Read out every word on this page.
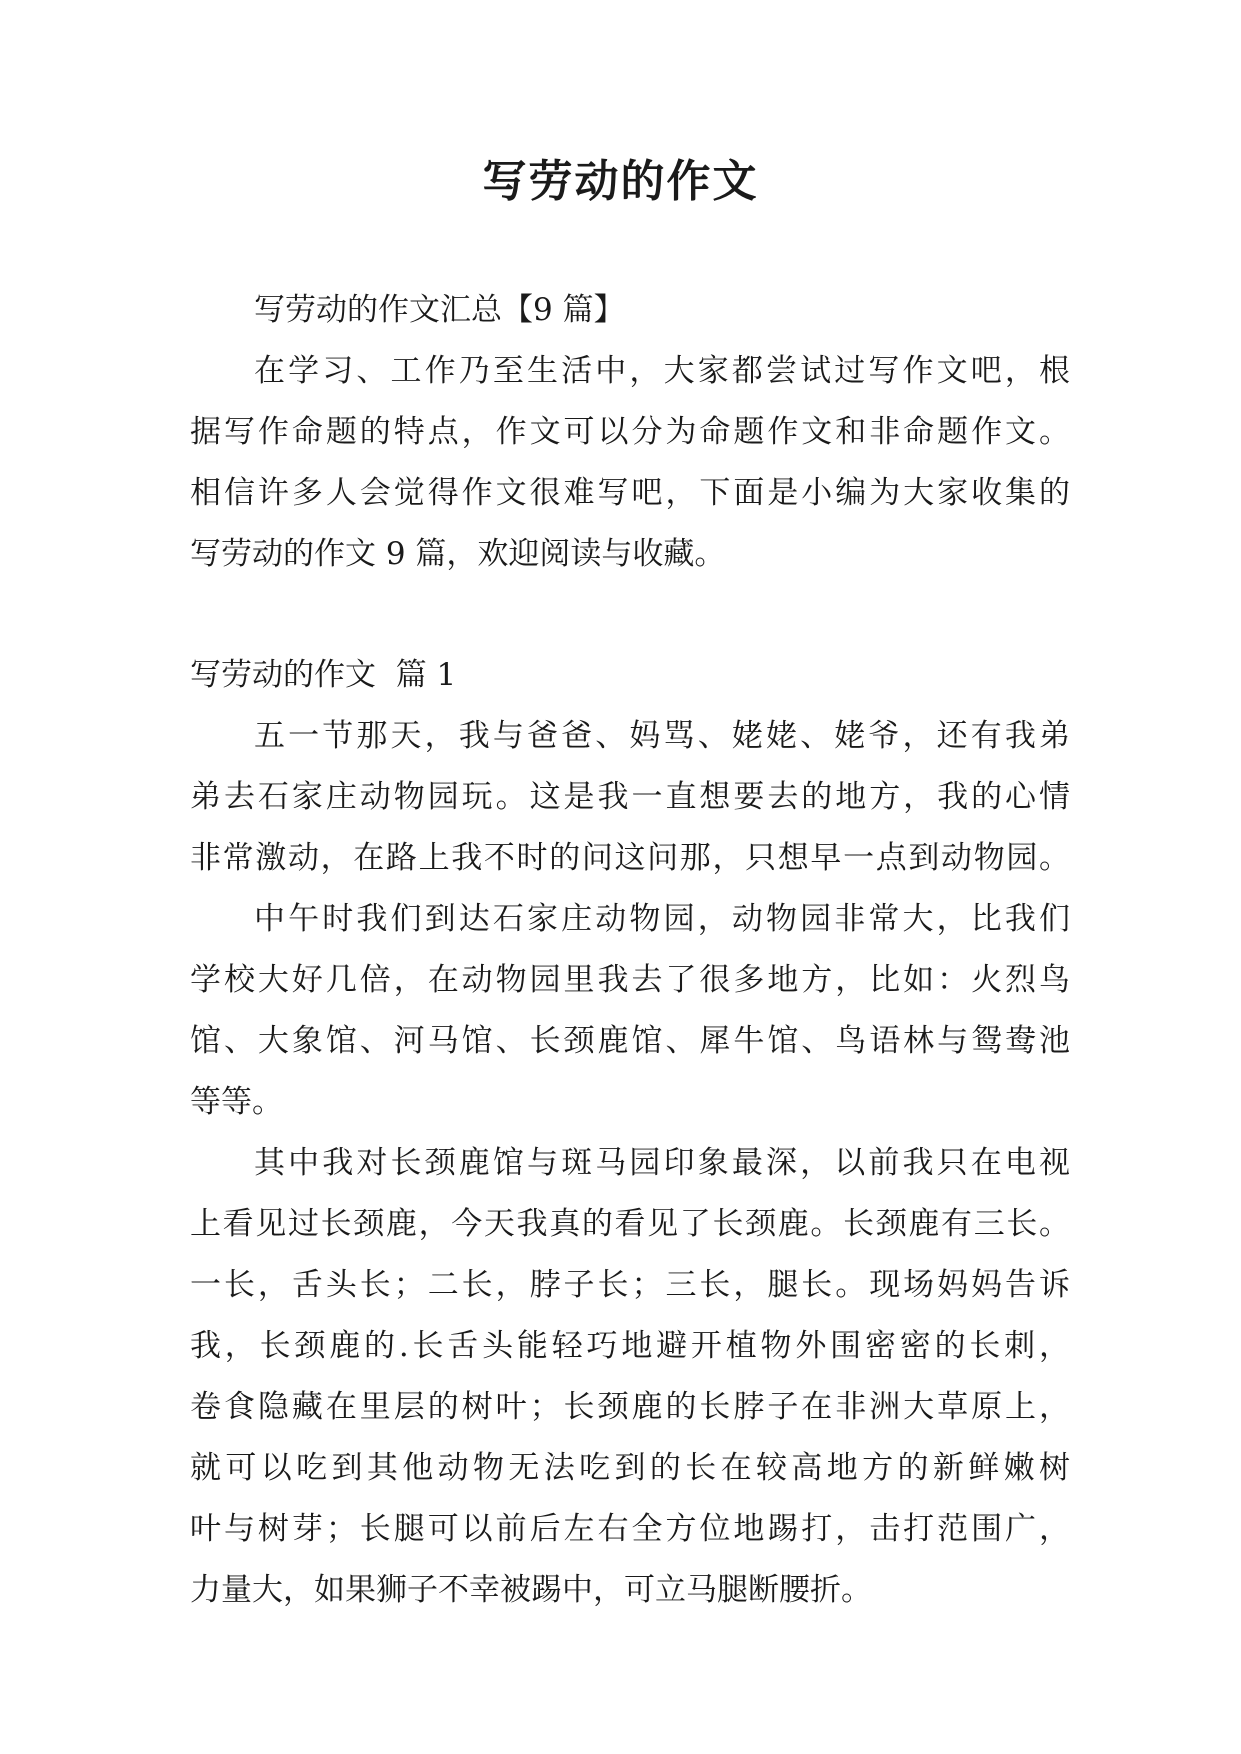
写劳动的作文
写劳动的作文汇总【9 篇】
在学习、工作乃至生活中，大家都尝试过写作文吧，根
据写作命题的特点，作文可以分为命题作文和非命题作文。
相信许多人会觉得作文很难写吧，下面是小编为大家收集的
写劳动的作文 9 篇，欢迎阅读与收藏。
写劳动的作文  篇 1
五一节那天，我与爸爸、妈骂、姥姥、姥爷，还有我弟
弟去石家庄动物园玩。这是我一直想要去的地方，我的心情
非常激动，在路上我不时的问这问那，只想早一点到动物园。
中午时我们到达石家庄动物园，动物园非常大，比我们
学校大好几倍，在动物园里我去了很多地方，比如：火烈鸟
馆、大象馆、河马馆、长颈鹿馆、犀牛馆、鸟语林与鸳鸯池
等等。
其中我对长颈鹿馆与斑马园印象最深，以前我只在电视
上看见过长颈鹿，今天我真的看见了长颈鹿。长颈鹿有三长。
一长，舌头长；二长，脖子长；三长，腿长。现场妈妈告诉
我，长颈鹿的.长舌头能轻巧地避开植物外围密密的长刺，
卷食隐藏在里层的树叶；长颈鹿的长脖子在非洲大草原上，
就可以吃到其他动物无法吃到的长在较高地方的新鲜嫩树
叶与树芽；长腿可以前后左右全方位地踢打，击打范围广，
力量大，如果狮子不幸被踢中，可立马腿断腰折。
